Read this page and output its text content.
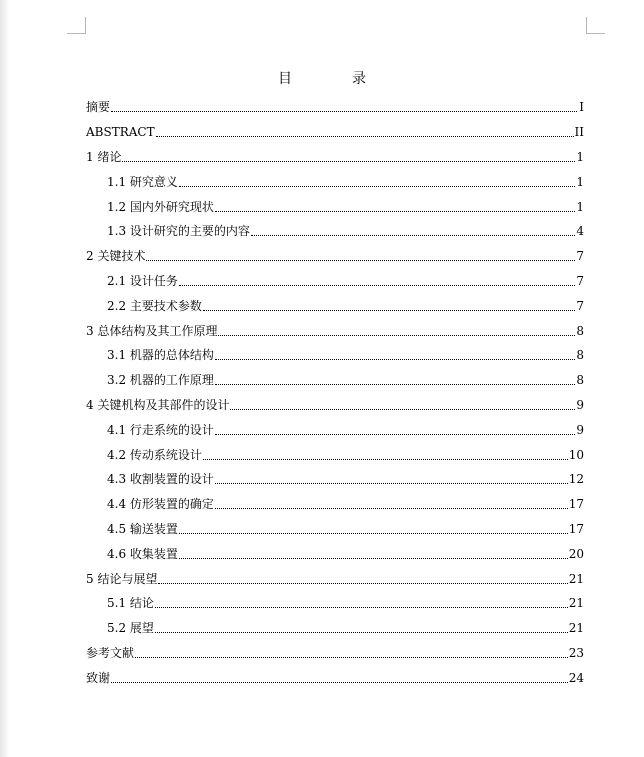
目	录
摘要	I
ABSTRACT	II
1 绪论	1
1.1 研究意义	1
1.2 国内外研究现状	1
1.3 设计研究的主要的内容	4
2 关键技术	7
2.1 设计任务	7
2.2 主要技术参数	7
3 总体结构及其工作原理	8
3.1 机器的总体结构	8
3.2 机器的工作原理	8
4 关键机构及其部件的设计	9
4.1 行走系统的设计	9
4.2 传动系统设计	10
4.3 收割装置的设计	12
4.4 仿形装置的确定	17
4.5 输送装置	17
4.6 收集装置	20
5 结论与展望	21
5.1 结论	21
5.2 展望	21
参考文献	23
致谢	24
